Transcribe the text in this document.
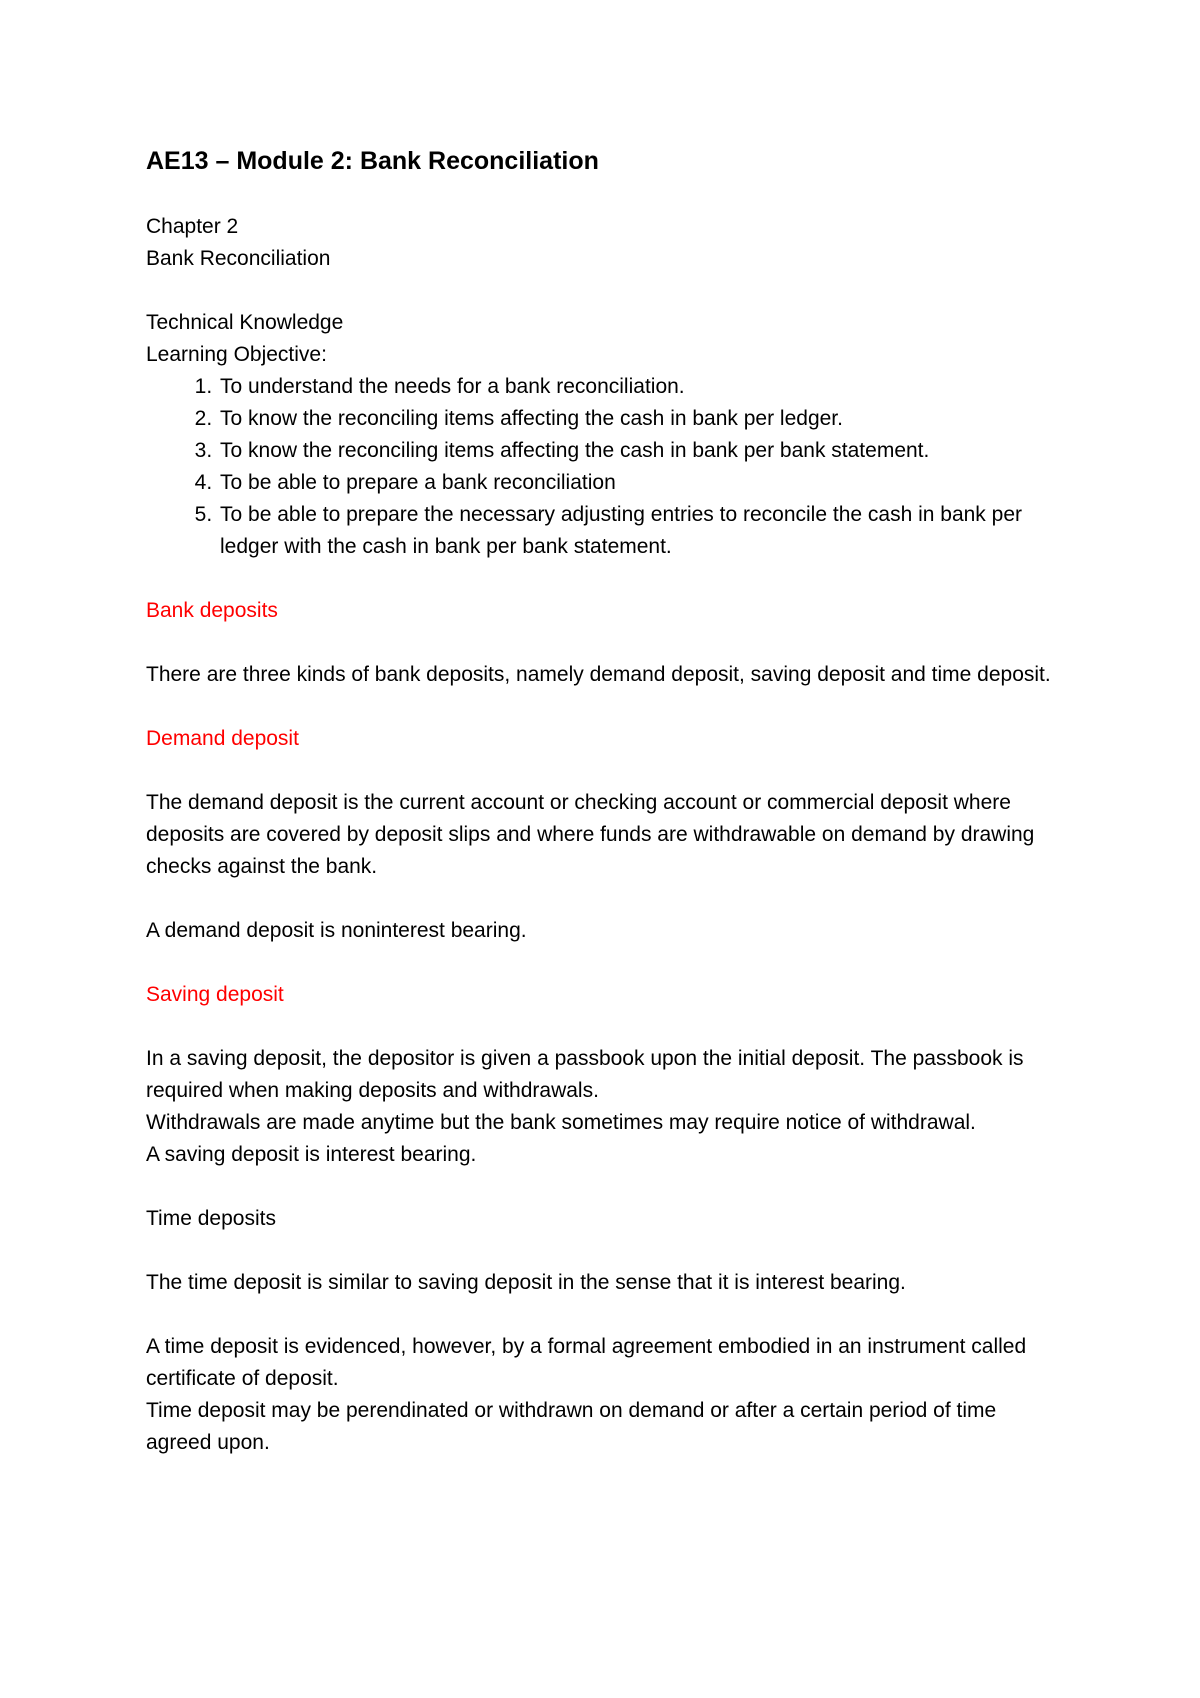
AE13 – Module 2: Bank Reconciliation

Chapter 2

Bank Reconciliation

Technical Knowledge

Learning Objective:

1. To understand the needs for a bank reconciliation.
2. To know the reconciling items affecting the cash in bank per ledger.
3. To know the reconciling items affecting the cash in bank per bank statement.
4. To be able to prepare a bank reconciliation
5. To be able to prepare the necessary adjusting entries to reconcile the cash in bank per ledger with the cash in bank per bank statement.

Bank deposits

There are three kinds of bank deposits, namely demand deposit, saving deposit and time deposit.

Demand deposit

The demand deposit is the current account or checking account or commercial deposit where deposits are covered by deposit slips and where funds are withdrawable on demand by drawing checks against the bank.

A demand deposit is noninterest bearing.

Saving deposit

In a saving deposit, the depositor is given a passbook upon the initial deposit. The passbook is required when making deposits and withdrawals.

Withdrawals are made anytime but the bank sometimes may require notice of withdrawal.

A saving deposit is interest bearing.

Time deposits

The time deposit is similar to saving deposit in the sense that it is interest bearing.

A time deposit is evidenced, however, by a formal agreement embodied in an instrument called certificate of deposit.

Time deposit may be perendinated or withdrawn on demand or after a certain period of time agreed upon.
